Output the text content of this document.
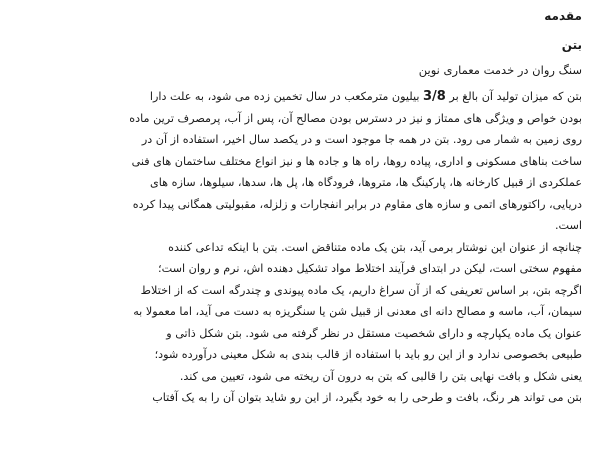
مقدمه
بتن

سنگ روان در خدمت معماری نوین

بتن که میزان تولید آن بالغ بر 3/8 بیلیون مترمکعب در سال تخمین زده می شود، به علت دارا
بودن خواص و ویژگی های ممتاز و نیز در دسترس بودن مصالح آن، پس از آب، پرمصرف ترین ماده
روی زمین به شمار می رود. بتن در همه جا موجود است و در یکصد سال اخیر، استفاده از آن در
ساخت بناهای مسکونی و اداری، پیاده روها، راه ها و جاده ها و نیز انواع مختلف ساختمان های فنی
عملکردی از قبیل کارخانه ها، پارکینگ ها، متروها، فرودگاه ها، پل ها، سدها، سیلوها، سازه های
دریایی، راکتورهای اتمی و سازه های مقاوم در برابر انفجارات و زلزله، مقبولیتی همگانی پیدا کرده
است.
چنانچه از عنوان این نوشتار برمی آید، بتن یک ماده متناقض است. بتن با اینکه تداعی کننده
مفهوم سختی است، لیکن در ابتدای فرآیند اختلاط مواد تشکیل دهنده اش، نرم و روان است؛
اگرچه بتن، بر اساس تعریفی که از آن سراغ داریم، یک ماده پیوندی و چندرگه است که از اختلاط
سیمان، آب، ماسه و مصالح دانه ای معدنی از قبیل شن یا سنگریزه به دست می آید، اما معمولا به
عنوان یک ماده یکپارچه و دارای شخصیت مستقل در نظر گرفته می شود. بتن شکل ذاتی و
طبیعی بخصوصی ندارد و از این رو باید با استفاده از قالب بندی به شکل معینی درآورده شود؛
یعنی شکل و بافت نهایی بتن را قالبی که بتن به درون آن ریخته می شود، تعیین می کند.
بتن می تواند هر رنگ، بافت و طرحی را به خود بگیرد، از این رو شاید بتوان آن را به یک آفتاب
